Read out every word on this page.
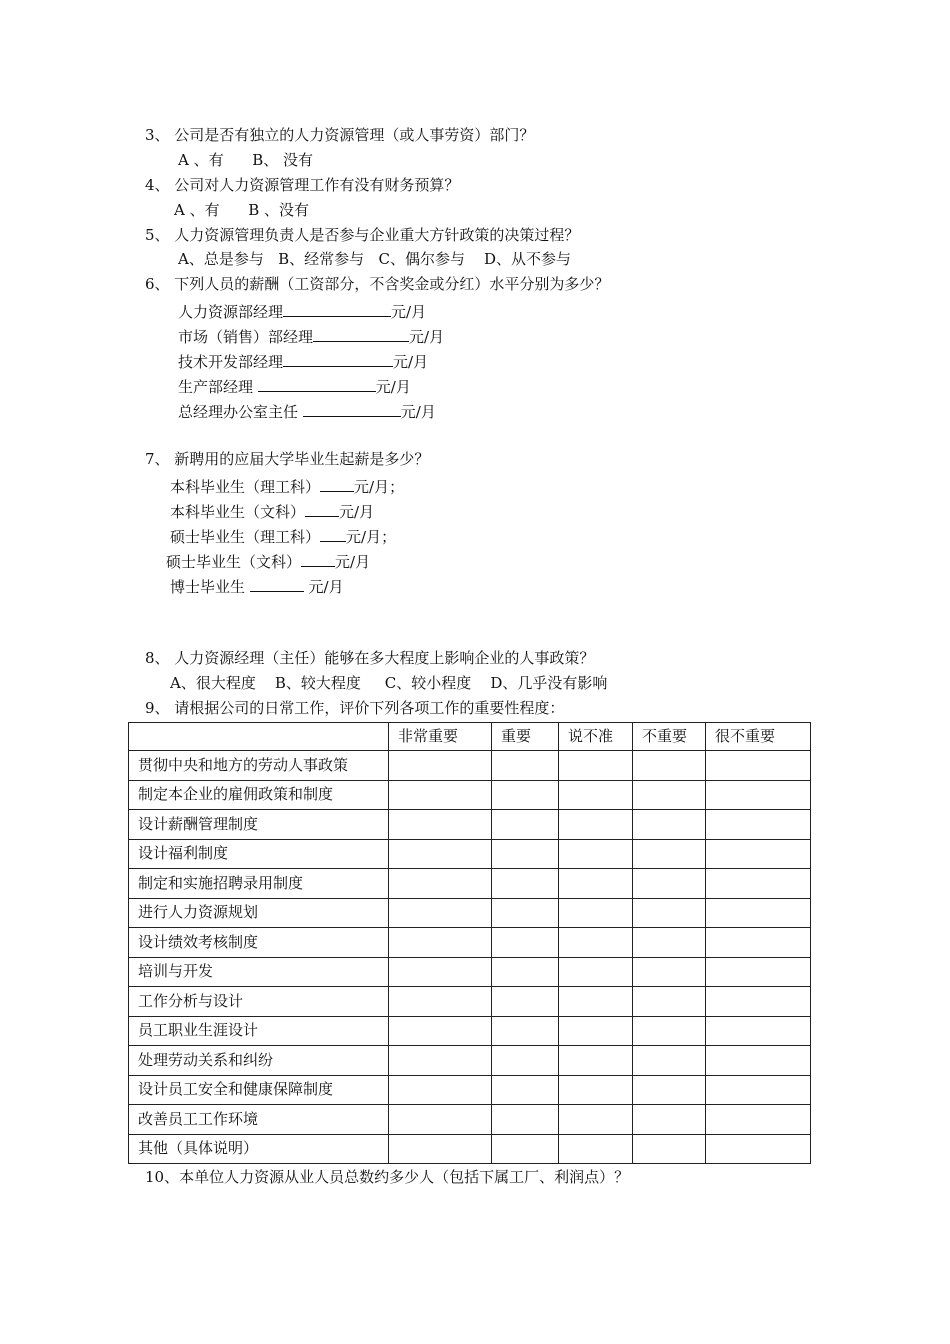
3、 公司是否有独立的人力资源管理（或人事劳资）部门？
A 、有      B、 没有
4、 公司对人力资源管理工作有没有财务预算？
A 、有      B 、没有
5、 人力资源管理负责人是否参与企业重大方针政策的决策过程？
A、总是参与   B、经常参与   C、偶尔参与    D、从不参与
6、 下列人员的薪酬（工资部分，不含奖金或分红）水平分别为多少？
人力资源部经理	元/月
市场（销售）部经理	元/月
技术开发部经理	元/月
生产部经理	元/月
总经理办公室主任	元/月
7、 新聘用的应届大学毕业生起薪是多少？
本科毕业生（理工科） 元/月；
本科毕业生（文科） 元/月
硕士毕业生（理工科） 元/月；
硕士毕业生（文科） 元/月
博士毕业生	元/月
8、 人力资源经理（主任）能够在多大程度上影响企业的人事政策？
A、很大程度    B、较大程度     C、较小程度    D、几乎没有影响
9、 请根据公司的日常工作，评价下列各项工作的重要性程度：
	非常重要	重要	说不准	不重要	很不重要
贯彻中央和地方的劳动人事政策					
制定本企业的雇佣政策和制度					
设计薪酬管理制度					
设计福利制度					
制定和实施招聘录用制度					
进行人力资源规划					
设计绩效考核制度					
培训与开发					
工作分析与设计					
员工职业生涯设计					
处理劳动关系和纠纷					
设计员工安全和健康保障制度					
改善员工工作环境					
其他（具体说明）					
10、本单位人力资源从业人员总数约多少人（包括下属工厂、利润点）？
